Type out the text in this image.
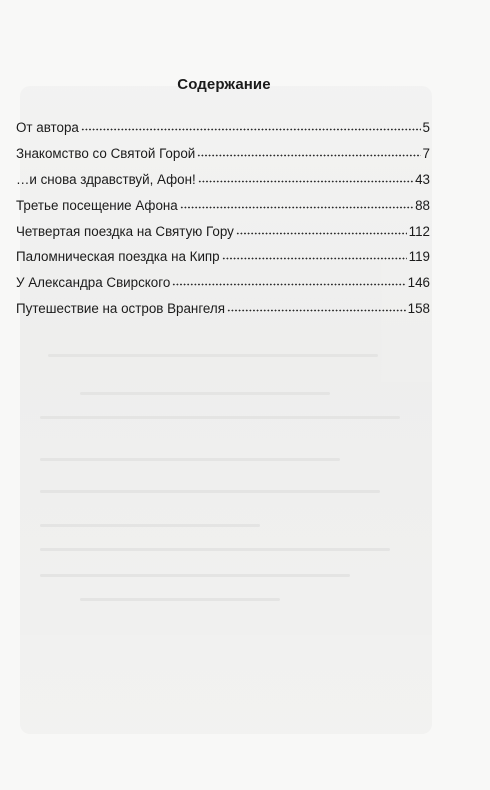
Содержание
От автора	5
Знакомство со Святой Горой	7
…и снова здравствуй, Афон!	43
Третье посещение Афона	88
Четвертая поездка на Святую Гору	112
Паломническая поездка на Кипр	119
У Александра Свирского	146
Путешествие на остров Врангеля	158
